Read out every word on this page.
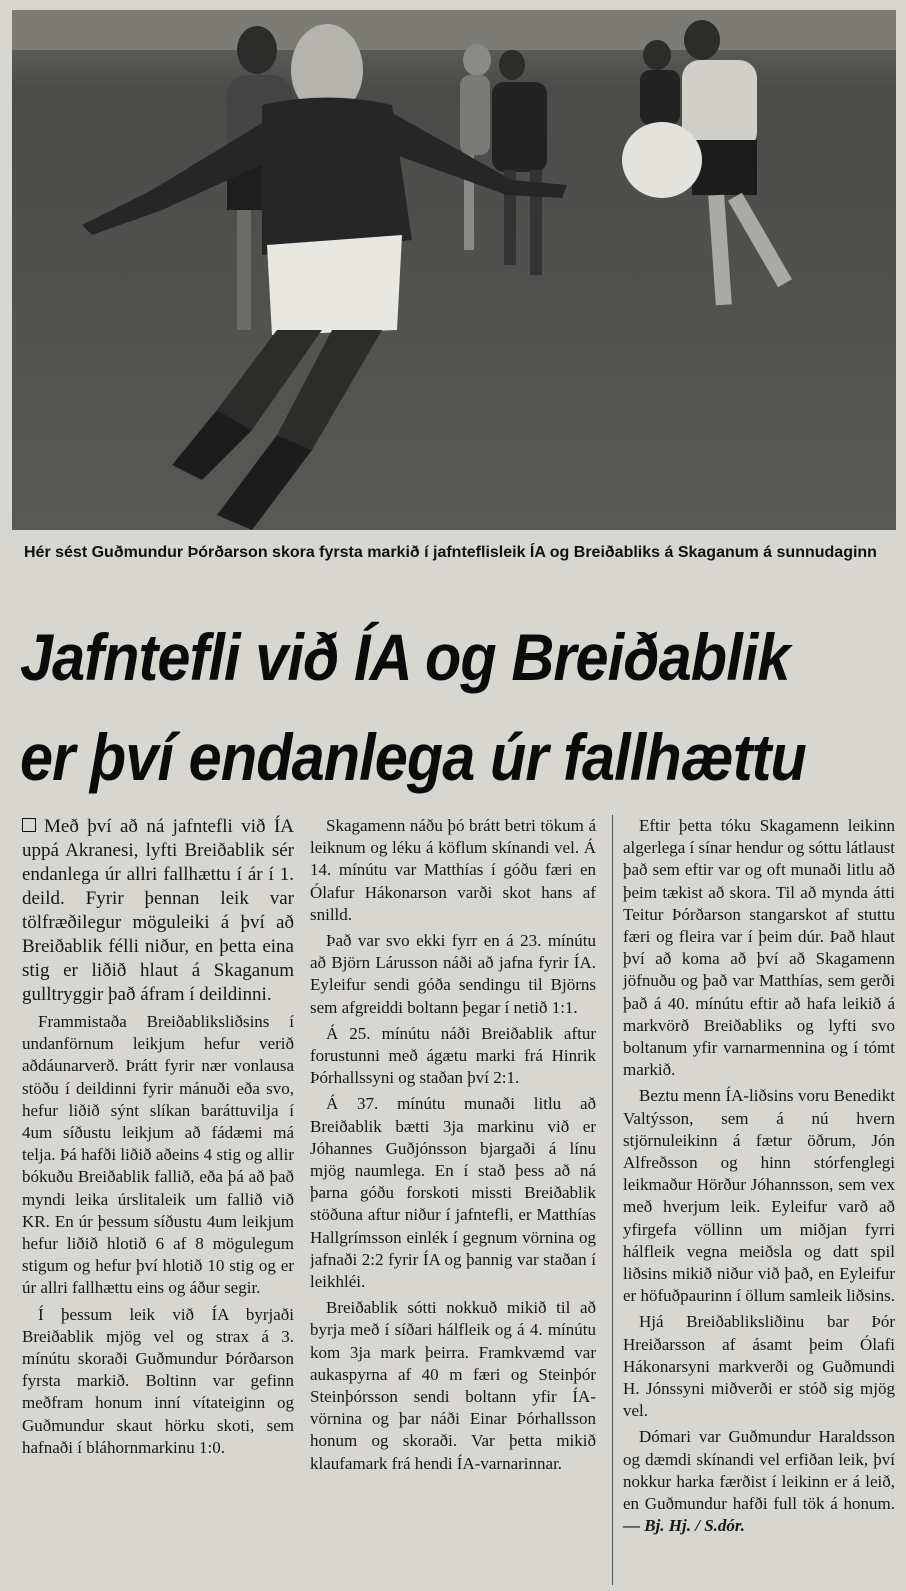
Hér sést Guðmundur Þórðarson skora fyrsta markið í jafnteflisleik ÍA og Breiðabliks á Skaganum á sunnudaginn
Jafntefli við ÍA og Breiðablik
er því endanlega úr fallhættu

Með því að ná jafntefli við ÍA uppá Akranesi, lyfti Breiðablik sér endanlega úr allri fallhættu í ár í 1. deild. Fyrir þennan leik var tölfræðilegur möguleiki á því að Breiðablik félli niður, en þetta eina stig er liðið hlaut á Skaganum gulltryggir það áfram í deildinni.

Frammistaða Breiðabliksliðsins í undanförnum leikjum hefur verið aðdáunarverð. Þrátt fyrir nær vonlausa stöðu í deildinni fyrir mánuði eða svo, hefur liðið sýnt slíkan baráttuvilja í 4um síðustu leikjum að fádæmi má telja. Þá hafði liðið aðeins 4 stig og allir bókuðu Breiðablik fallið, eða þá að það myndi leika úrslitaleik um fallið við KR. En úr þessum síðustu 4um leikjum hefur liðið hlotið 6 af 8 mögulegum stigum og hefur því hlotið 10 stig og er úr allri fallhættu eins og áður segir.

Í þessum leik við ÍA byrjaði Breiðablik mjög vel og strax á 3. mínútu skoraði Guðmundur Þórðarson fyrsta markið. Boltinn var gefinn meðfram honum inní vítateiginn og Guðmundur skaut hörku skoti, sem hafnaði í bláhornmarkinu 1:0.

Skagamenn náðu þó brátt betri tökum á leiknum og léku á köflum skínandi vel. Á 14. mínútu var Matthías í góðu færi en Ólafur Hákonarson varði skot hans af snilld.

Það var svo ekki fyrr en á 23. mínútu að Björn Lárusson náði að jafna fyrir ÍA. Eyleifur sendi góða sendingu til Björns sem afgreiddi boltann þegar í netið 1:1.

Á 25. mínútu náði Breiðablik aftur forustunni með ágætu marki frá Hinrik Þórhallssyni og staðan því 2:1.

Á 37. mínútu munaði litlu að Breiðablik bætti 3ja markinu við er Jóhannes Guðjónsson bjargaði á línu mjög naumlega. En í stað þess að ná þarna góðu forskoti missti Breiðablik stöðuna aftur niður í jafntefli, er Matthías Hallgrímsson einlék í gegnum vörnina og jafnaði 2:2 fyrir ÍA og þannig var staðan í leikhléi.

Breiðablik sótti nokkuð mikið til að byrja með í síðari hálfleik og á 4. mínútu kom 3ja mark þeirra. Framkvæmd var aukaspyrna af 40 m færi og Steinþór Steinþórsson sendi boltann yfir ÍA-vörnina og þar náði Einar Þórhallsson honum og skoraði. Var þetta mikið klaufamark frá hendi ÍA-varnarinnar.

Eftir þetta tóku Skagamenn leikinn algerlega í sínar hendur og sóttu látlaust það sem eftir var og oft munaði litlu að þeim tækist að skora. Til að mynda átti Teitur Þórðarson stangarskot af stuttu færi og fleira var í þeim dúr. Það hlaut því að koma að því að Skagamenn jöfnuðu og það var Matthías, sem gerði það á 40. mínútu eftir að hafa leikið á markvörð Breiðabliks og lyfti svo boltanum yfir varnarmennina og í tómt markið.

Beztu menn ÍA-liðsins voru Benedikt Valtýsson, sem á nú hvern stjörnuleikinn á fætur öðrum, Jón Alfreðsson og hinn stórfenglegi leikmaður Hörður Jóhannsson, sem vex með hverjum leik. Eyleifur varð að yfirgefa völlinn um miðjan fyrri hálfleik vegna meiðsla og datt spil liðsins mikið niður við það, en Eyleifur er höfuðpaurinn í öllum samleik liðsins.

Hjá Breiðabliksliðinu bar Þór Hreiðarsson af ásamt þeim Ólafi Hákonarsyni markverði og Guðmundi H. Jónssyni miðverði er stóð sig mjög vel.

Dómari var Guðmundur Haraldsson og dæmdi skínandi vel erfiðan leik, því nokkur harka færðist í leikinn er á leið, en Guðmundur hafði full tök á honum. — Bj. Hj. / S.dór.
